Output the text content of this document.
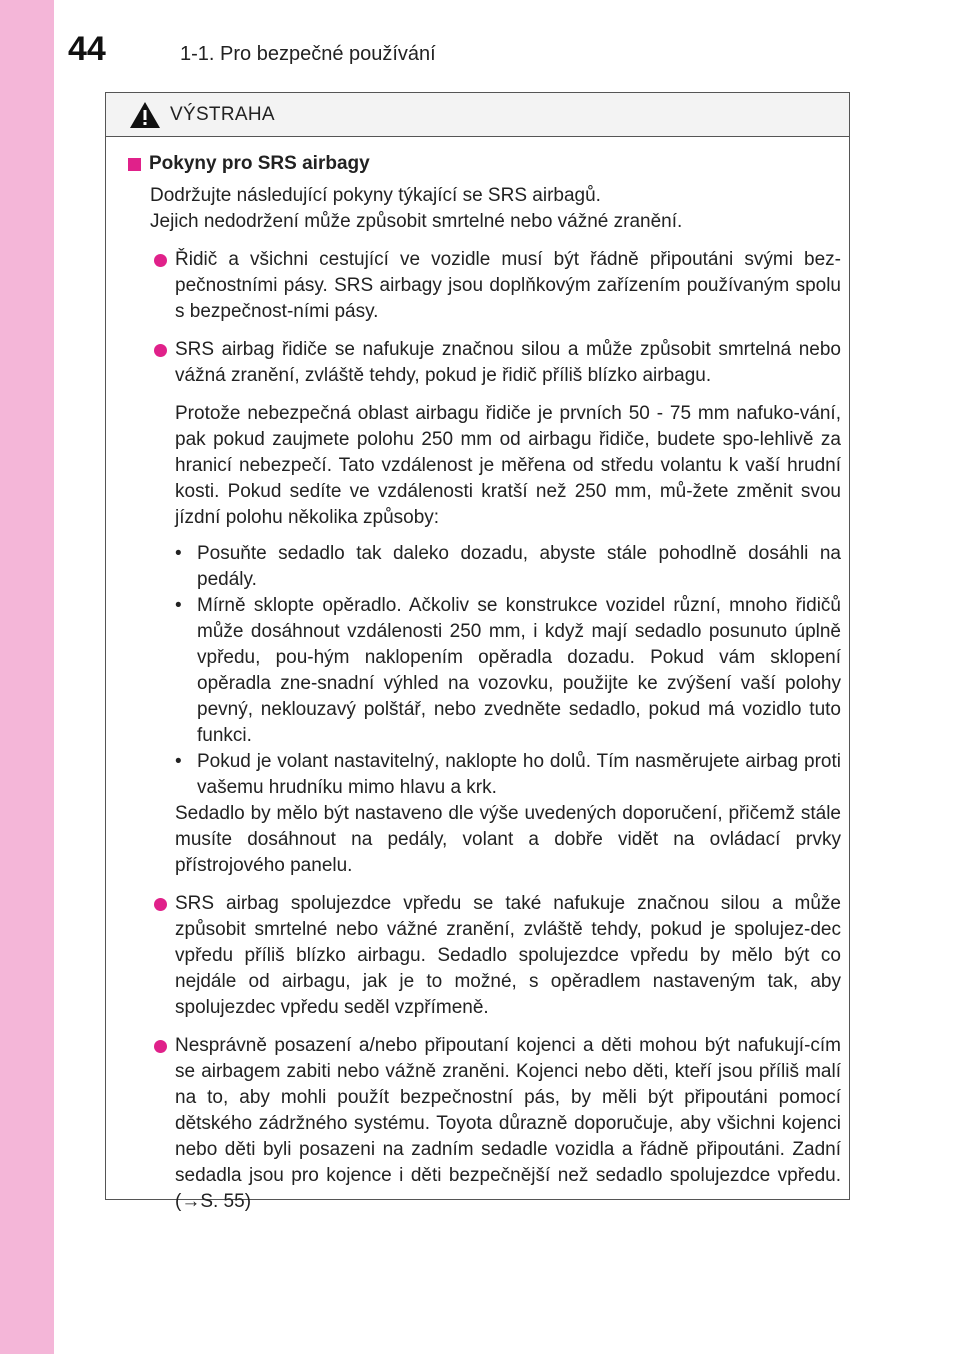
44	1-1. Pro bezpečné používání
VÝSTRAHA
Pokyny pro SRS airbagy

Dodržujte následující pokyny týkající se SRS airbagů.

Jejich nedodržení může způsobit smrtelné nebo vážné zranění.

Řidič a všichni cestující ve vozidle musí být řádně připoutáni svými bez-pečnostními pásy. SRS airbagy jsou doplňkovým zařízením používaným spolu s bezpečnost-ními pásy.
SRS airbag řidiče se nafukuje značnou silou a může způsobit smrtelná nebo vážná zranění, zvláště tehdy, pokud je řidič příliš blízko airbagu.

Protože nebezpečná oblast airbagu řidiče je prvních 50 - 75 mm nafuko-vání, pak pokud zaujmete polohu 250 mm od airbagu řidiče, budete spo-lehlivě za hranicí nebezpečí. Tato vzdálenost je měřena od středu volantu k vaší hrudní kosti. Pokud sedíte ve vzdálenosti kratší než 250 mm, mů-žete změnit svou jízdní polohu několika způsoby:

• Posuňte sedadlo tak daleko dozadu, abyste stále pohodlně dosáhli na pedály.
• Mírně sklopte opěradlo. Ačkoliv se konstrukce vozidel různí, mnoho řidičů může dosáhnout vzdálenosti 250 mm, i když mají sedadlo posunuto úplně vpředu, pou-hým naklopením opěradla dozadu. Pokud vám sklopení opěradla zne-snadní výhled na vozovku, použijte ke zvýšení vaší polohy pevný, neklouzavý polštář, nebo zvedněte sedadlo, pokud má vozidlo tuto funkci.
• Pokud je volant nastavitelný, naklopte ho dolů. Tím nasměrujete airbag proti vašemu hrudníku mimo hlavu a krk.

Sedadlo by mělo být nastaveno dle výše uvedených doporučení, přičemž stále musíte dosáhnout na pedály, volant a dobře vidět na ovládací prvky přístrojového panelu.

SRS airbag spolujezdce vpředu se také nafukuje značnou silou a může způsobit smrtelné nebo vážné zranění, zvláště tehdy, pokud je spolujez-dec vpředu příliš blízko airbagu. Sedadlo spolujezdce vpředu by mělo být co nejdále od airbagu, jak je to možné, s opěradlem nastaveným tak, aby spolujezdec vpředu seděl vzpřímeně.
Nesprávně posazení a/nebo připoutaní kojenci a děti mohou být nafukují-cím se airbagem zabiti nebo vážně zraněni. Kojenci nebo děti, kteří jsou příliš malí na to, aby mohli použít bezpečnostní pás, by měli být připoutáni pomocí dětského zádržného systému. Toyota důrazně doporučuje, aby všichni kojenci nebo děti byli posazeni na zadním sedadle vozidla a řádně připoutáni. Zadní sedadla jsou pro kojence i děti bezpečnější než sedadlo spolujezdce vpředu. (→S. 55)
